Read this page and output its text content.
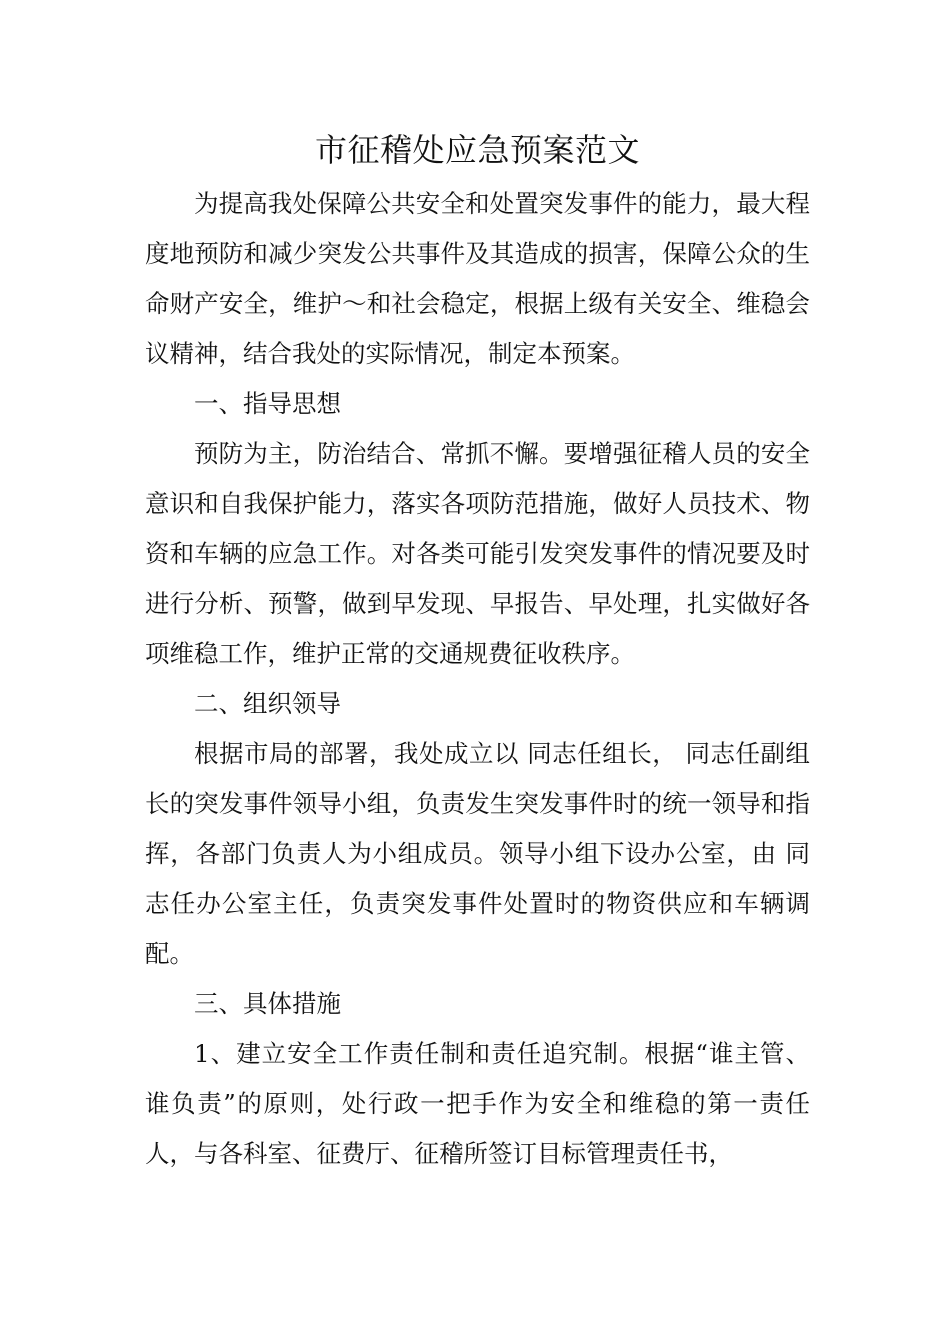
市征稽处应急预案范文

为提高我处保障公共安全和处置突发事件的能力，最大程度地预防和减少突发公共事件及其造成的损害，保障公众的生命财产安全，维护～和社会稳定，根据上级有关安全、维稳会议精神，结合我处的实际情况，制定本预案。

一、指导思想

预防为主，防治结合、常抓不懈。要增强征稽人员的安全意识和自我保护能力，落实各项防范措施，做好人员技术、物资和车辆的应急工作。对各类可能引发突发事件的情况要及时进行分析、预警，做到早发现、早报告、早处理，扎实做好各项维稳工作，维护正常的交通规费征收秩序。

二、组织领导

根据市局的部署，我处成立以 同志任组长， 同志任副组长的突发事件领导小组，负责发生突发事件时的统一领导和指挥，各部门负责人为小组成员。领导小组下设办公室，由 同志任办公室主任，负责突发事件处置时的物资供应和车辆调配。

三、具体措施

1、建立安全工作责任制和责任追究制。根据“谁主管、谁负责”的原则，处行政一把手作为安全和维稳的第一责任人，与各科室、征费厅、征稽所签订目标管理责任书，
